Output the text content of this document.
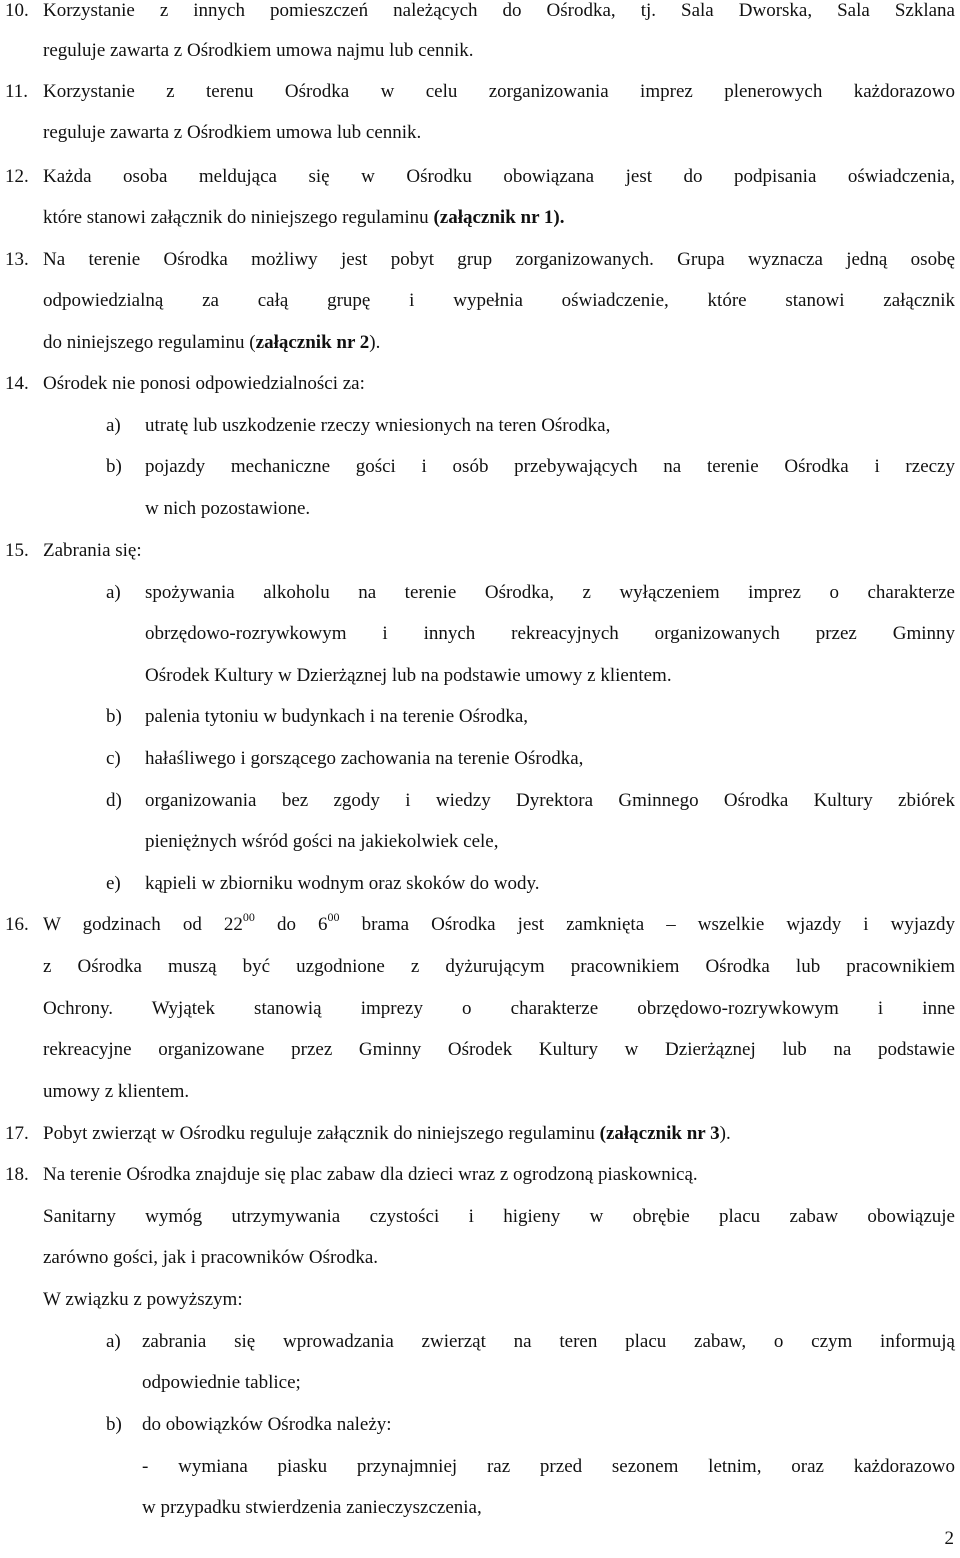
10. Korzystanie z innych pomieszczeń należących do Ośrodka, tj. Sala Dworska, Sala Szklana
reguluje zawarta z Ośrodkiem umowa najmu lub cennik.
11. Korzystanie z terenu Ośrodka w celu zorganizowania imprez plenerowych każdorazowo
reguluje zawarta z Ośrodkiem umowa lub cennik.
12. Każda osoba meldująca się w Ośrodku obowiązana jest do podpisania oświadczenia,
które stanowi załącznik do niniejszego regulaminu (załącznik nr 1).
13. Na terenie Ośrodka możliwy jest pobyt grup zorganizowanych. Grupa wyznacza jedną osobę
odpowiedzialną za całą grupę i wypełnia oświadczenie, które stanowi załącznik
do niniejszego regulaminu (załącznik nr 2).
14. Ośrodek nie ponosi odpowiedzialności za:
a) utratę lub uszkodzenie rzeczy wniesionych na teren Ośrodka,
b) pojazdy mechaniczne gości i osób przebywających na terenie Ośrodka i rzeczy
w nich pozostawione.
15. Zabrania się:
a) spożywania alkoholu na terenie Ośrodka, z wyłączeniem imprez o charakterze
obrzędowo-rozrywkowym i innych rekreacyjnych organizowanych przez Gminny
Ośrodek Kultury w Dzierżąznej lub na podstawie umowy z klientem.
b) palenia tytoniu w budynkach i na terenie Ośrodka,
c) hałaśliwego i gorszącego zachowania na terenie Ośrodka,
d) organizowania bez zgody i wiedzy Dyrektora Gminnego Ośrodka Kultury zbiórek
pieniężnych wśród gości na jakiekolwiek cele,
e) kąpieli w zbiorniku wodnym oraz skoków do wody.
16. W godzinach od $22^{00}$ do $6^{00}$ brama Ośrodka jest zamknięta – wszelkie wjazdy i wyjazdy
z Ośrodka muszą być uzgodnione z dyżurującym pracownikiem Ośrodka lub pracownikiem
Ochrony. Wyjątek stanowią imprezy o charakterze obrzędowo-rozrywkowym i inne
rekreacyjne organizowane przez Gminny Ośrodek Kultury w Dzierżąznej lub na podstawie
umowy z klientem.
17. Pobyt zwierząt w Ośrodku reguluje załącznik do niniejszego regulaminu (załącznik nr 3).
18. Na terenie Ośrodka znajduje się plac zabaw dla dzieci wraz z ogrodzoną piaskownicą.
Sanitarny wymóg utrzymywania czystości i higieny w obrębie placu zabaw obowiązuje
zarówno gości, jak i pracowników Ośrodka.
W związku z powyższym:
a) zabrania się wprowadzania zwierząt na teren placu zabaw, o czym informują
odpowiednie tablice;
b) do obowiązków Ośrodka należy:
- wymiana piasku przynajmniej raz przed sezonem letnim, oraz każdorazowo
w przypadku stwierdzenia zanieczyszczenia,
2
